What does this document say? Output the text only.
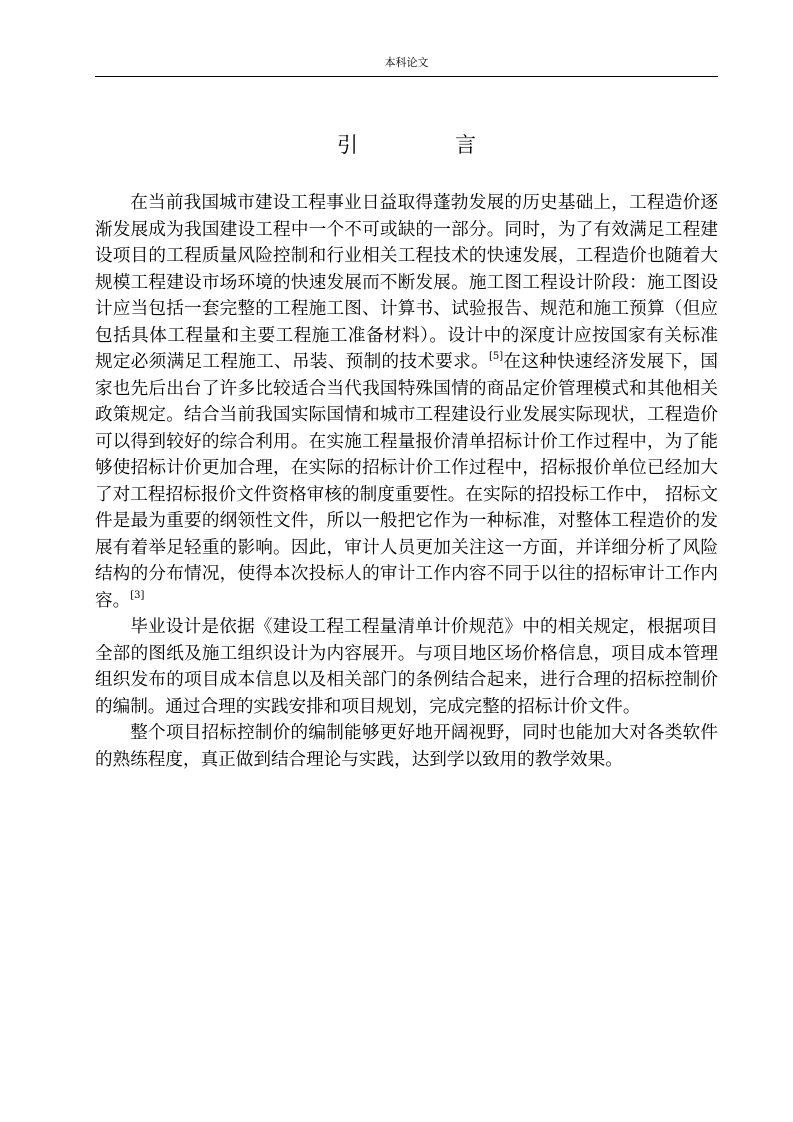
本科论文
引　言

在当前我国城市建设工程事业日益取得蓬勃发展的历史基础上，工程造价逐渐发展成为我国建设工程中一个不可或缺的一部分。同时，为了有效满足工程建设项目的工程质量风险控制和行业相关工程技术的快速发展，工程造价也随着大规模工程建设市场环境的快速发展而不断发展。施工图工程设计阶段：施工图设计应当包括一套完整的工程施工图、计算书、试验报告、规范和施工预算（但应包括具体工程量和主要工程施工准备材料）。设计中的深度计应按国家有关标准规定必须满足工程施工、吊装、预制的技术要求。[5]在这种快速经济发展下，国家也先后出台了许多比较适合当代我国特殊国情的商品定价管理模式和其他相关政策规定。结合当前我国实际国情和城市工程建设行业发展实际现状，工程造价可以得到较好的综合利用。在实施工程量报价清单招标计价工作过程中，为了能够使招标计价更加合理，在实际的招标计价工作过程中，招标报价单位已经加大了对工程招标报价文件资格审核的制度重要性。在实际的招投标工作中， 招标文件是最为重要的纲领性文件，所以一般把它作为一种标准，对整体工程造价的发展有着举足轻重的影响。因此，审计人员更加关注这一方面，并详细分析了风险结构的分布情况，使得本次投标人的审计工作内容不同于以往的招标审计工作内容。[3]

毕业设计是依据《建设工程工程量清单计价规范》中的相关规定，根据项目全部的图纸及施工组织设计为内容展开。与项目地区场价格信息，项目成本管理组织发布的项目成本信息以及相关部门的条例结合起来，进行合理的招标控制价的编制。通过合理的实践安排和项目规划，完成完整的招标计价文件。

整个项目招标控制价的编制能够更好地开阔视野，同时也能加大对各类软件的熟练程度，真正做到结合理论与实践，达到学以致用的教学效果。
